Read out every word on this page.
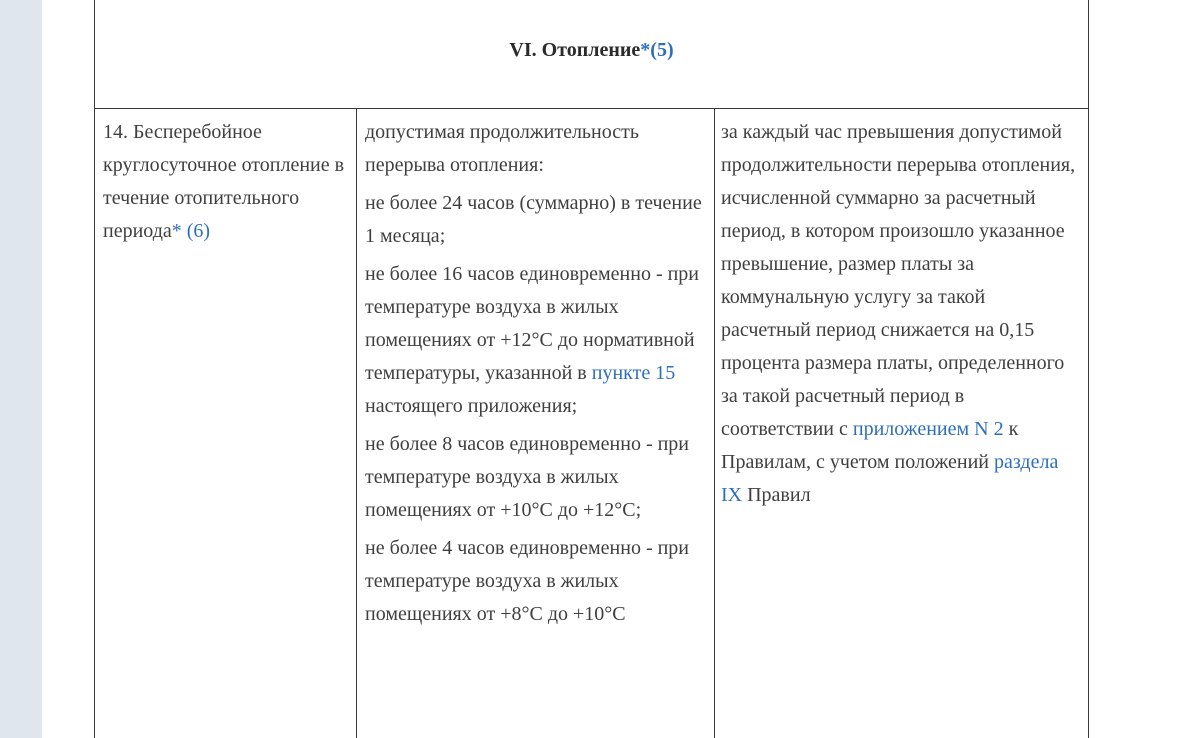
VI. Отопление*(5)
14. Бесперебойное круглосуточное отопление в течение отопительного периода* (6)

допустимая продолжительность перерыва отопления:

не более 24 часов (суммарно) в течение 1 месяца;

не более 16 часов единовременно - при температуре воздуха в жилых помещениях от +12°С до нормативной температуры, указанной в пункте 15
настоящего приложения;

не более 8 часов единовременно - при температуре воздуха в жилых помещениях от +10°С до +12°С;

не более 4 часов единовременно - при температуре воздуха в жилых помещениях от +8°С до +10°С

за каждый час превышения допустимой продолжительности перерыва отопления, исчисленной суммарно за расчетный период, в котором произошло указанное превышение, размер платы за коммунальную услугу за такой расчетный период снижается на 0,15 процента размера платы, определенного за такой расчетный период в соответствии с приложением N 2 к Правилам, с учетом положений раздела IX Правил
